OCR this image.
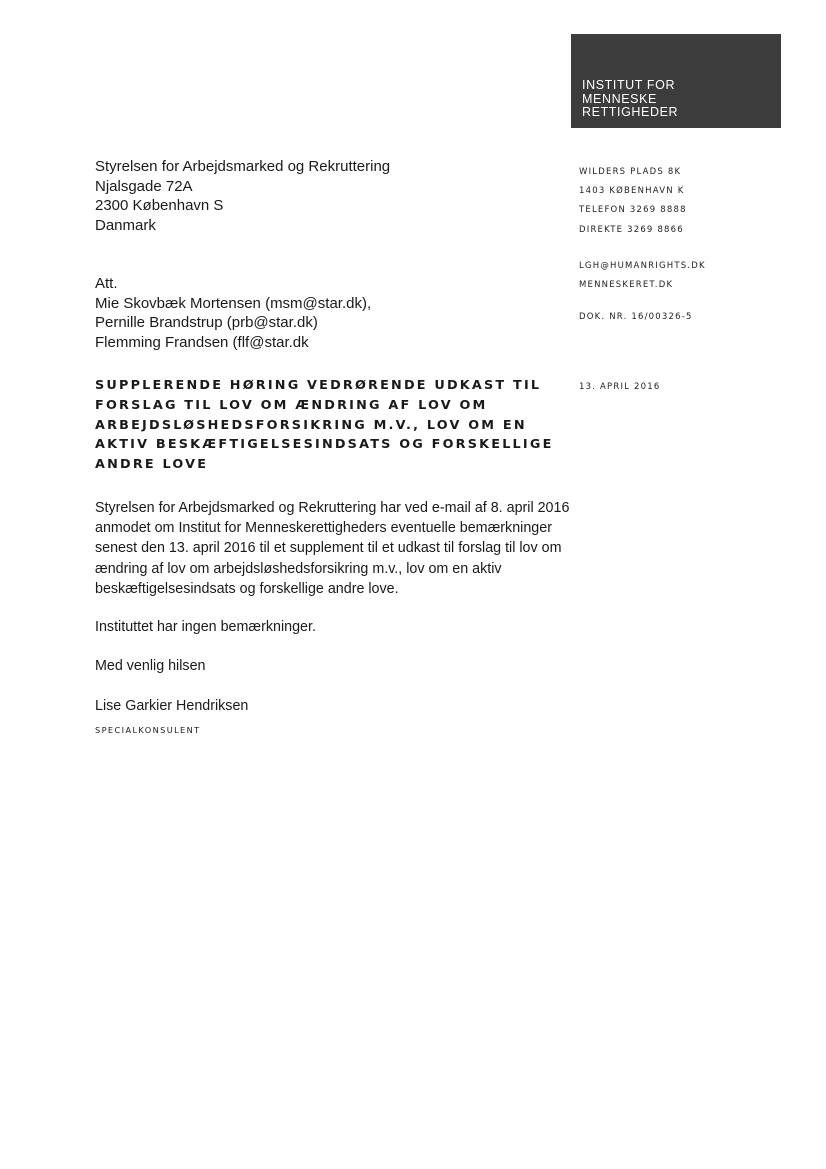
INSTITUT FOR
MENNESKE
RETTIGHEDER
Styrelsen for Arbejdsmarked og Rekruttering
Njalsgade 72A
2300 København S
Danmark
Att.
Mie Skovbæk Mortensen (msm@star.dk),
Pernille Brandstrup (prb@star.dk)
Flemming Frandsen (flf@star.dk
WILDERS PLADS 8K
1403 KØBENHAVN K
TELEFON 3269 8888
DIREKTE 3269 8866
LGH@HUMANRIGHTS.DK
MENNESKERET.DK
DOK. NR. 16/00326-5
13. APRIL 2016
SUPPLERENDE HØRING VEDRØRENDE UDKAST TIL FORSLAG TIL LOV OM ÆNDRING AF LOV OM ARBEJDSLØSHEDSFORSIKRING M.V., LOV OM EN AKTIV BESKÆFTIGELSESINDSATS OG FORSKELLIGE ANDRE LOVE

Styrelsen for Arbejdsmarked og Rekruttering har ved e-mail af 8. april 2016 anmodet om Institut for Menneskerettigheders eventuelle bemærkninger senest den 13. april 2016 til et supplement til et udkast til forslag til lov om ændring af lov om arbejdsløshedsforsikring m.v., lov om en aktiv beskæftigelsesindsats og forskellige andre love.

Instituttet har ingen bemærkninger.

Med venlig hilsen

Lise Garkier Hendriksen

SPECIALKONSULENT
